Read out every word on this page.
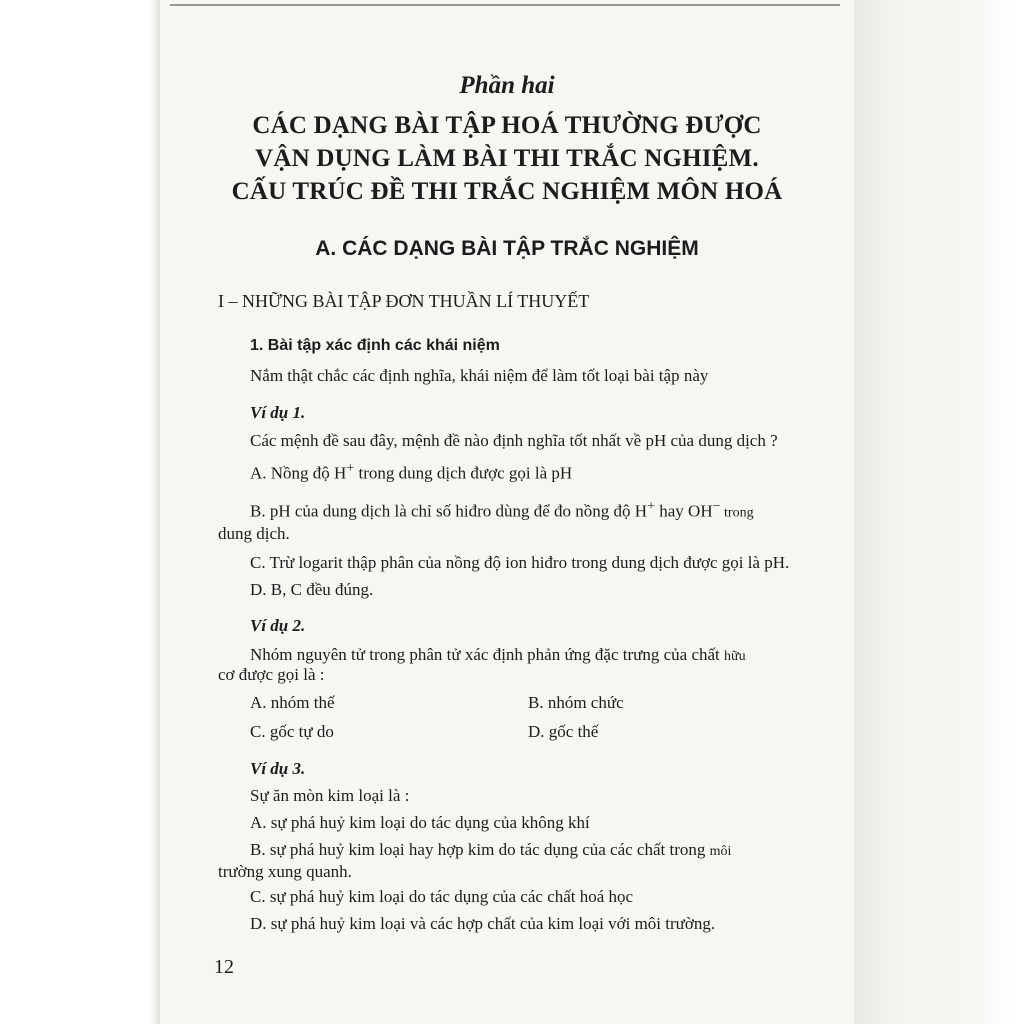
Phần hai
CÁC DẠNG BÀI TẬP HOÁ THƯỜNG ĐƯỢC
VẬN DỤNG LÀM BÀI THI TRẮC NGHIỆM.
CẤU TRÚC ĐỀ THI TRẮC NGHIỆM MÔN HOÁ
A. CÁC DẠNG BÀI TẬP TRẮC NGHIỆM
I – NHỮNG BÀI TẬP ĐƠN THUẦN LÍ THUYẾT
1. Bài tập xác định các khái niệm
Nắm thật chắc các định nghĩa, khái niệm để làm tốt loại bài tập này
Ví dụ 1.
Các mệnh đề sau đây, mệnh đề nào định nghĩa tốt nhất về pH của dung dịch ?
A. Nồng độ H+ trong dung dịch được gọi là pH
B. pH của dung dịch là chỉ số hiđro dùng để đo nồng độ H+ hay OH− trong
dung dịch.
C. Trừ logarit thập phân của nồng độ ion hiđro trong dung dịch được gọi là pH.
D. B, C đều đúng.
Ví dụ 2.
Nhóm nguyên tử trong phân tử xác định phản ứng đặc trưng của chất hữu
cơ được gọi là :
A. nhóm thế	B. nhóm chức
C. gốc tự do	D. gốc thế
Ví dụ 3.
Sự ăn mòn kim loại là :
A. sự phá huỷ kim loại do tác dụng của không khí
B. sự phá huỷ kim loại hay hợp kim do tác dụng của các chất trong môi
trường xung quanh.
C. sự phá huỷ kim loại do tác dụng của các chất hoá học
D. sự phá huỷ kim loại và các hợp chất của kim loại với môi trường.
12
